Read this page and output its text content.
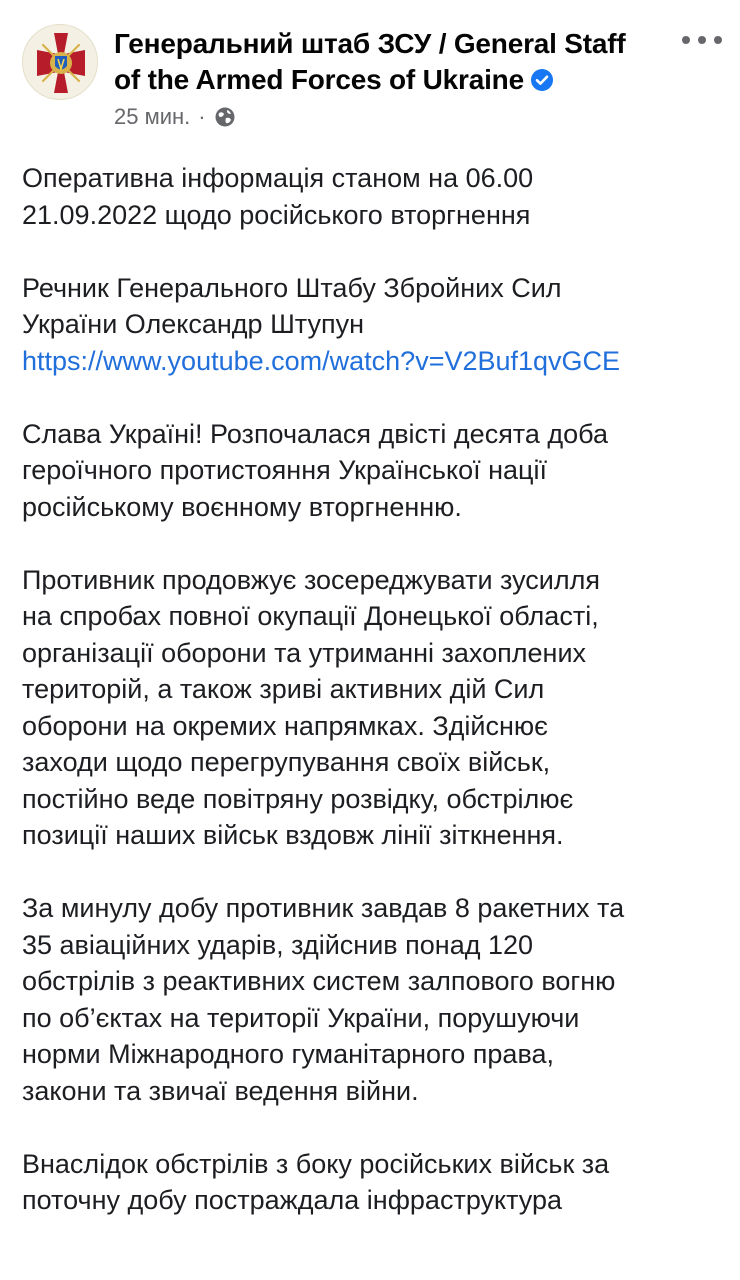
Генеральний штаб ЗСУ / General Staff of the Armed Forces of Ukraine
25 мин. ·

Оперативна інформація станом на 06.00
21.09.2022 щодо російського вторгнення

Речник Генерального Штабу Збройних Сил
України Олександр Штупун
https://www.youtube.com/watch?v=V2Buf1qvGCE

Слава Україні! Розпочалася двісті десята доба
героїчного протистояння Української нації
російському воєнному вторгненню.

Противник продовжує зосереджувати зусилля
на спробах повної окупації Донецької області,
організації оборони та утриманні захоплених
територій, а також зриві активних дій Сил
оборони на окремих напрямках. Здійснює
заходи щодо перегрупування своїх військ,
постійно веде повітряну розвідку, обстрілює
позиції наших військ вздовж лінії зіткнення.

За минулу добу противник завдав 8 ракетних та
35 авіаційних ударів, здійснив понад 120
обстрілів з реактивних систем залпового вогню
по об’єктах на території України, порушуючи
норми Міжнародного гуманітарного права,
закони та звичаї ведення війни.

Внаслідок обстрілів з боку російських військ за
поточну добу постраждала інфраструктура
